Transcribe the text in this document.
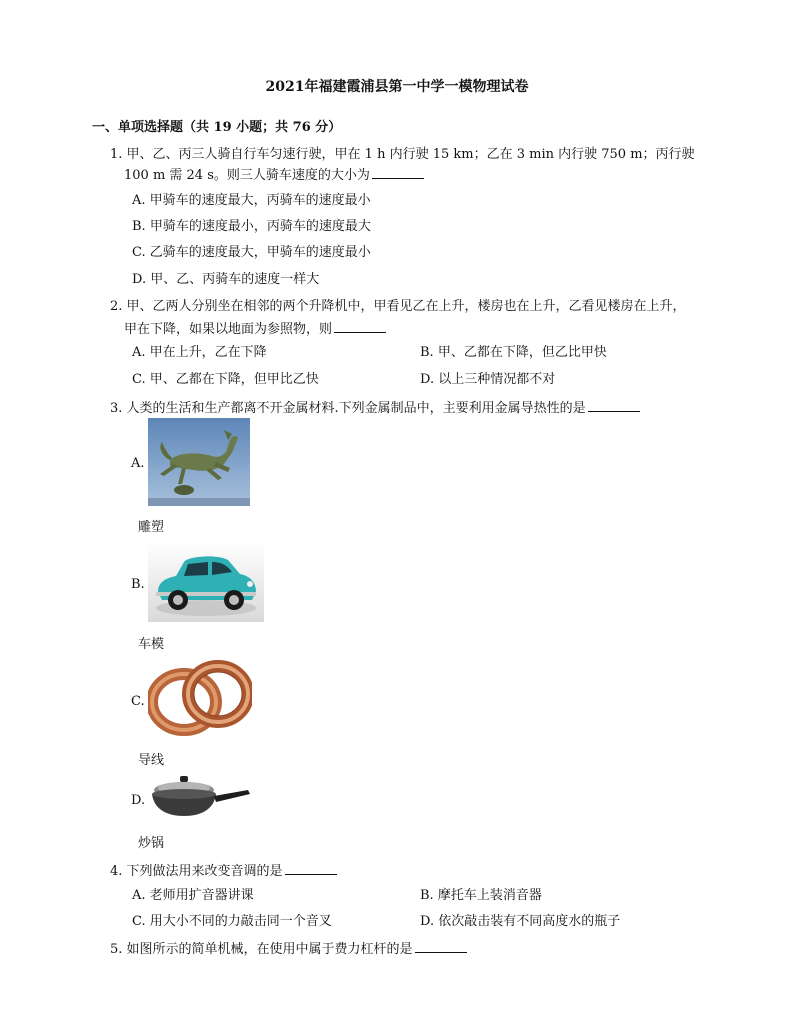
2021年福建霞浦县第一中学一模物理试卷
一、单项选择题（共 19 小题；共 76 分）
1. 甲、乙、丙三人骑自行车匀速行驶，甲在 1 h 内行驶 15 km；乙在 3 min 内行驶 750 m；丙行驶
100 m 需 24 s。则三人骑车速度的大小为
A. 甲骑车的速度最大，丙骑车的速度最小
B. 甲骑车的速度最小，丙骑车的速度最大
C. 乙骑车的速度最大，甲骑车的速度最小
D. 甲、乙、丙骑车的速度一样大
2. 甲、乙两人分别坐在相邻的两个升降机中，甲看见乙在上升，楼房也在上升，乙看见楼房在上升，
甲在下降，如果以地面为参照物，则
A. 甲在上升，乙在下降	B. 甲、乙都在下降，但乙比甲快
C. 甲、乙都在下降，但甲比乙快	D. 以上三种情况都不对
3. 人类的生活和生产都离不开金属材料.下列金属制品中，主要利用金属导热性的是
A.
雕塑
B.
车模
C.
导线
D.
炒锅
4. 下列做法用来改变音调的是
A. 老师用扩音器讲课	B. 摩托车上装消音器
C. 用大小不同的力敲击同一个音叉	D. 依次敲击装有不同高度水的瓶子
5. 如图所示的简单机械，在使用中属于费力杠杆的是
